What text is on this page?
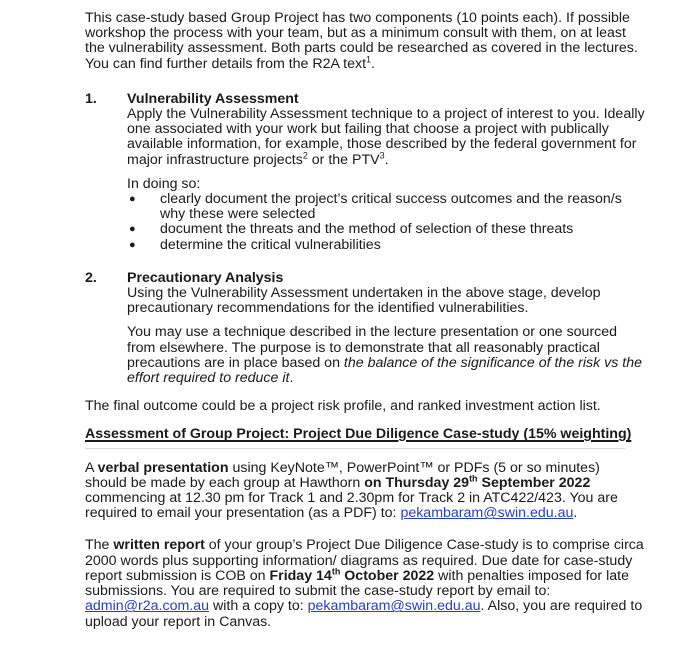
This case-study based Group Project has two components (10 points each). If possible workshop the process with your team, but as a minimum consult with them, on at least the vulnerability assessment. Both parts could be researched as covered in the lectures. You can find further details from the R2A text$^1$.

1. Vulnerability Assessment

Apply the Vulnerability Assessment technique to a project of interest to you. Ideally one associated with your work but failing that choose a project with publically available information, for example, those described by the federal government for major infrastructure projects$^2$ or the PTV$^3$.

In doing so:

● clearly document the project’s critical success outcomes and the reason/s why these were selected
● document the threats and the method of selection of these threats
● determine the critical vulnerabilities
2. Precautionary Analysis

Using the Vulnerability Assessment undertaken in the above stage, develop precautionary recommendations for the identified vulnerabilities.

You may use a technique described in the lecture presentation or one sourced from elsewhere. The purpose is to demonstrate that all reasonably practical precautions are in place based on the balance of the significance of the risk vs the effort required to reduce it.

The final outcome could be a project risk profile, and ranked investment action list.

Assessment of Group Project: Project Due Diligence Case-study (15% weighting)

A verbal presentation using KeyNote™, PowerPoint™ or PDFs (5 or so minutes) should be made by each group at Hawthorn on Thursday 29th September 2022 commencing at 12.30 pm for Track 1 and 2.30pm for Track 2 in ATC422/423. You are required to email your presentation (as a PDF) to: pekambaram@swin.edu.au.

The written report of your group’s Project Due Diligence Case-study is to comprise circa 2000 words plus supporting information/ diagrams as required. Due date for case-study report submission is COB on Friday 14th October 2022 with penalties imposed for late submissions. You are required to submit the case-study report by email to: admin@r2a.com.au with a copy to: pekambaram@swin.edu.au. Also, you are required to upload your report in Canvas.
